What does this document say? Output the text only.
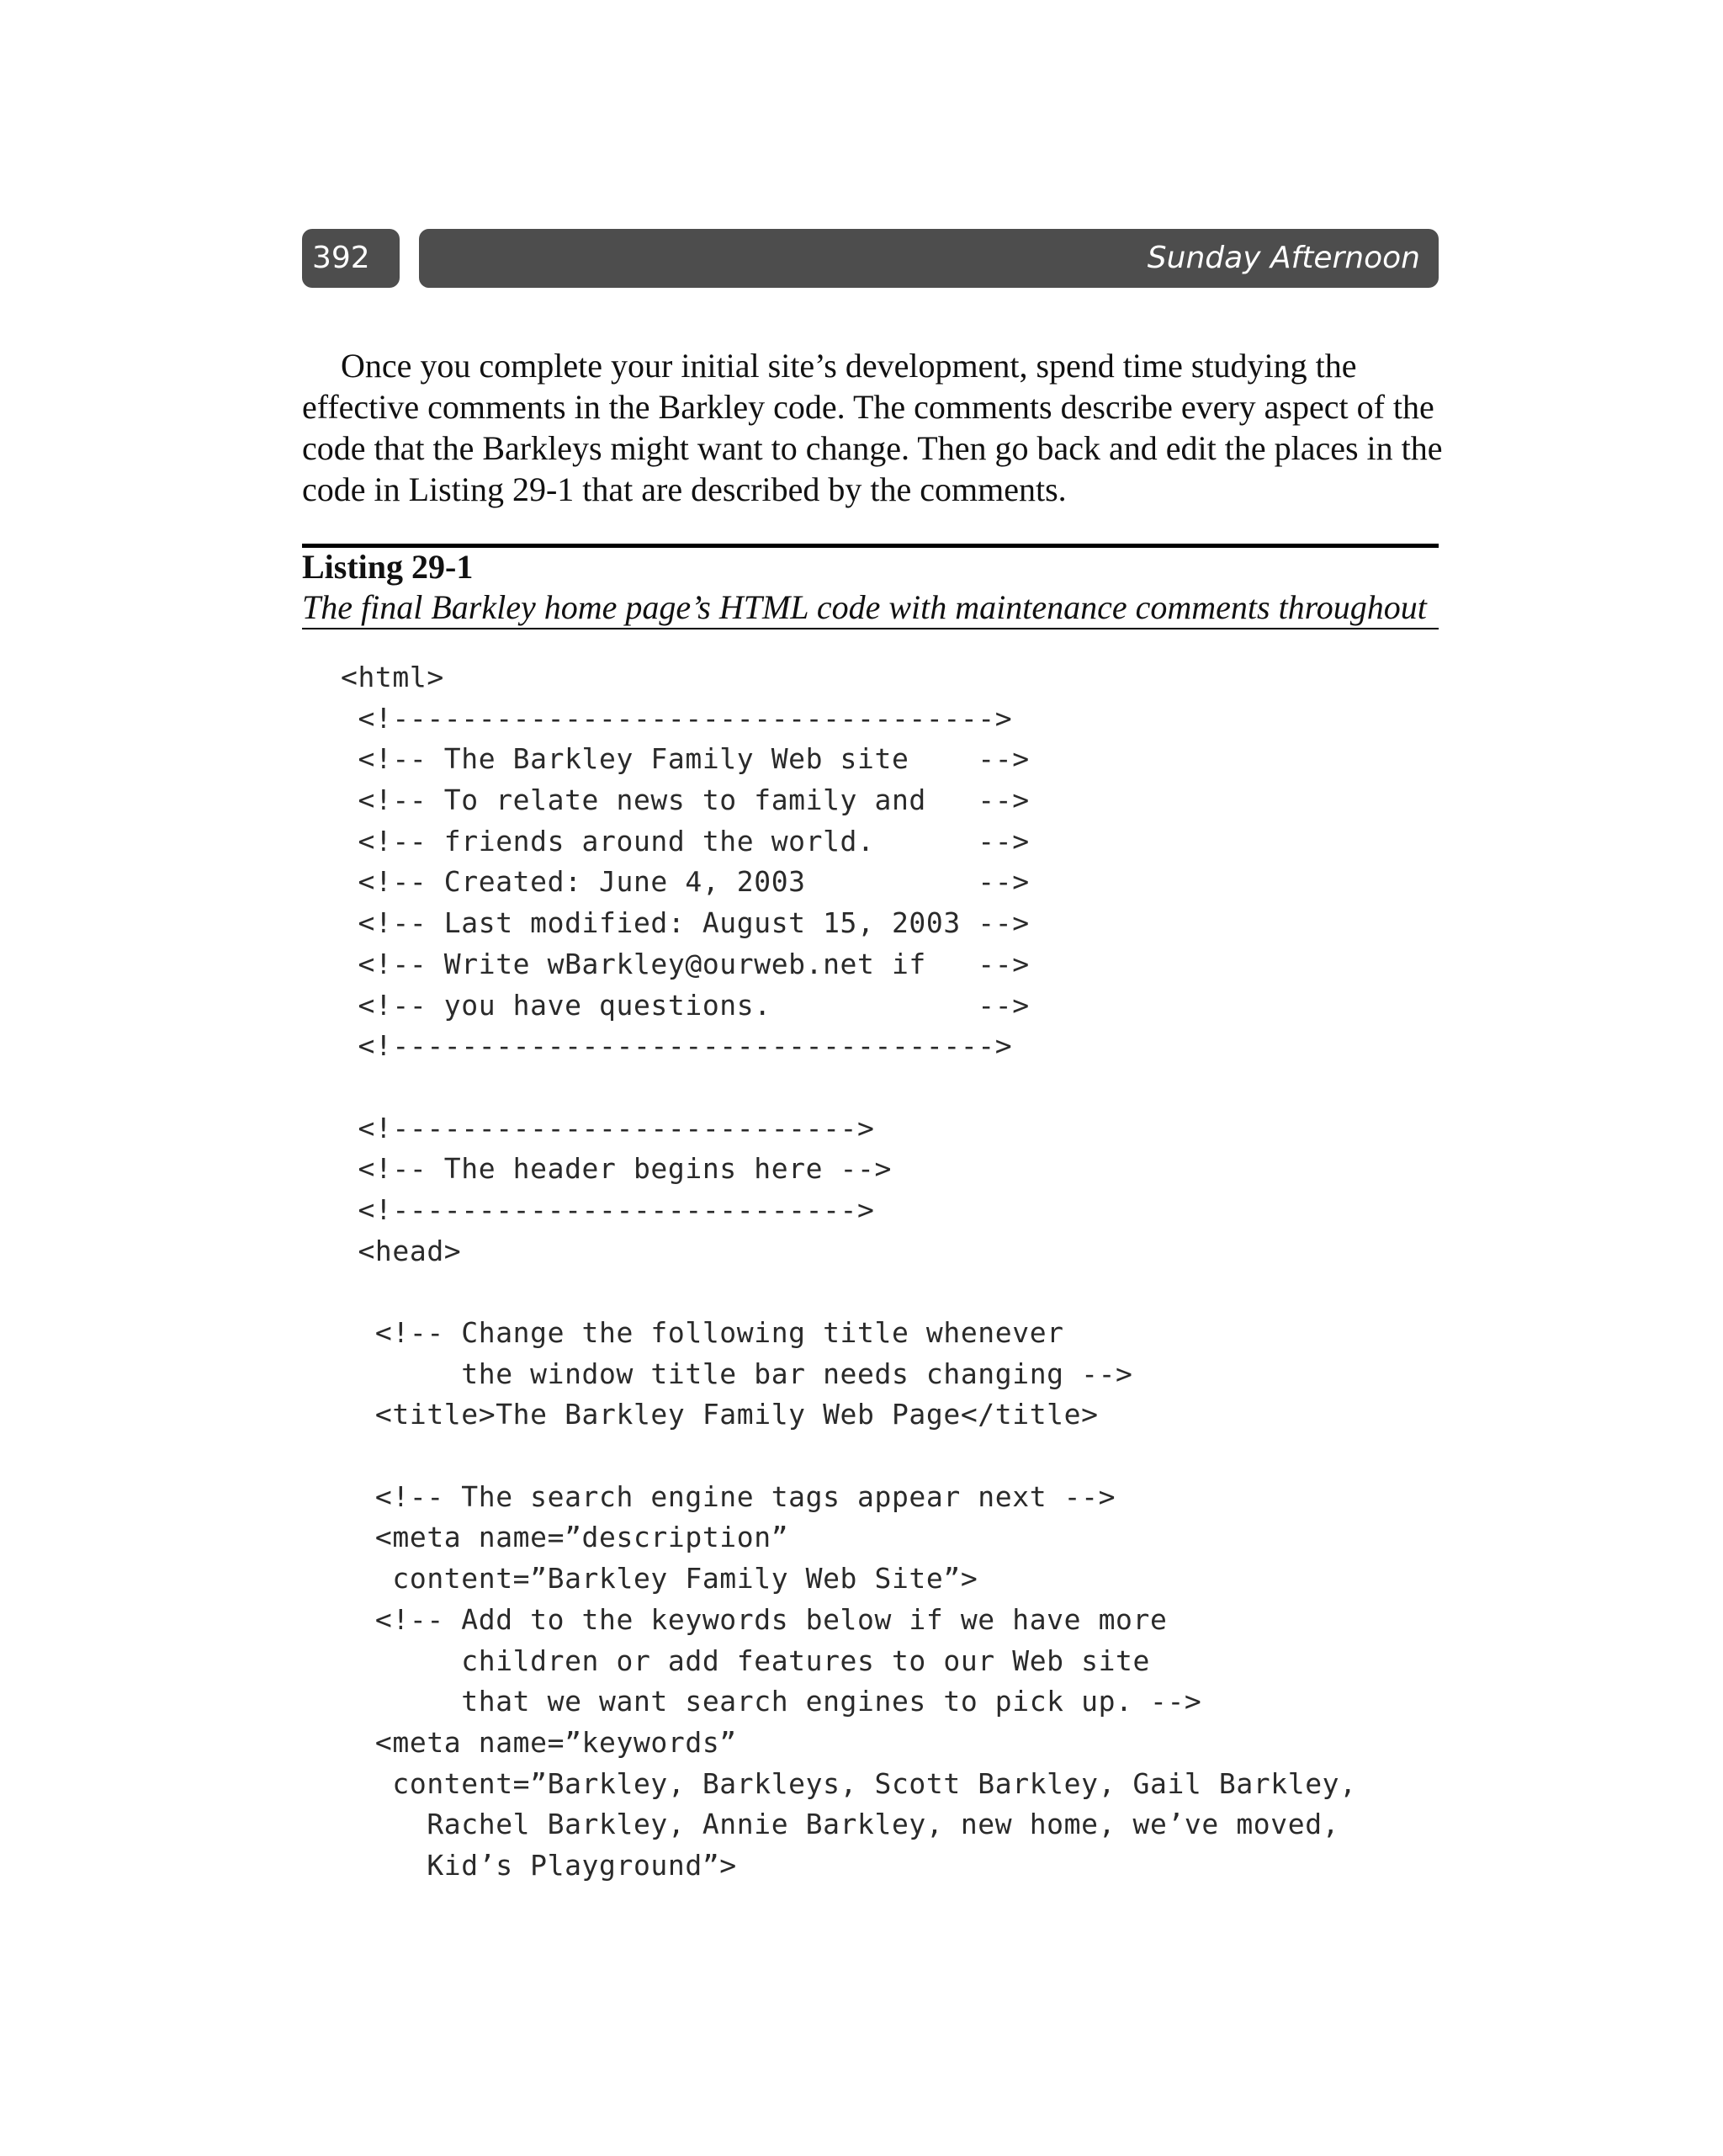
392	Sunday Afternoon

Once you complete your initial site’s development, spend time studying the effective comments in the Barkley code. The comments describe every aspect of the code that the Barkleys might want to change. Then go back and edit the places in the code in Listing 29-1 that are described by the comments.

Listing 29-1
The final Barkley home page’s HTML code with maintenance comments throughout
<html>
<!----------------------------------->
<!-- The Barkley Family Web site    -->
<!-- To relate news to family and   -->
<!-- friends around the world.      -->
<!-- Created: June 4, 2003          -->
<!-- Last modified: August 15, 2003 -->
<!-- Write wBarkley@ourweb.net if   -->
<!-- you have questions.            -->
<!----------------------------------->
<!--------------------------->
<!-- The header begins here -->
<!--------------------------->
<head>
<!-- Change the following title whenever
the window title bar needs changing -->
<title>The Barkley Family Web Page</title>
<!-- The search engine tags appear next -->
<meta name=”description”
content=”Barkley Family Web Site”>
<!-- Add to the keywords below if we have more
children or add features to our Web site
that we want search engines to pick up. -->
<meta name=”keywords”
content=”Barkley, Barkleys, Scott Barkley, Gail Barkley,
Rachel Barkley, Annie Barkley, new home, we’ve moved,
Kid’s Playground”>
